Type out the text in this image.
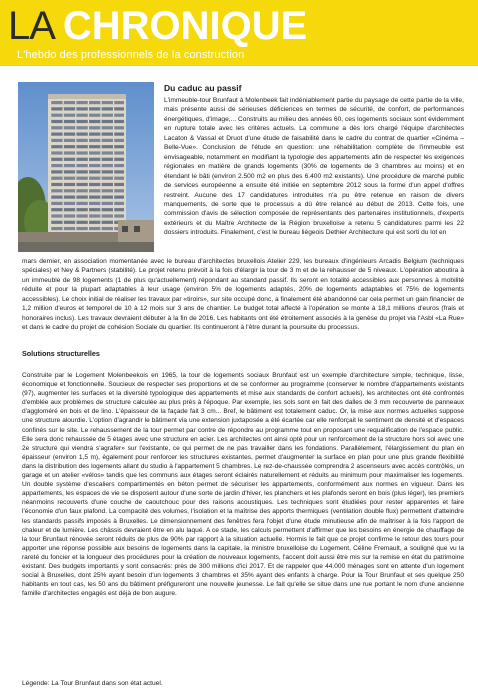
LA CHRONIQUE
L'hebdo des professionnels de la construction
Du caduc au passif

L'immeuble-tour Brunfaut à Molenbeek fait indéniablement partie du paysage de cette partie de la ville, mais présente aussi de sérieuses déficiences en termes de sécurité, de confort, de performances énergétiques, d'image,... Construits au milieu des années 60, ces logements sociaux sont évidemment en rupture totale avec les critères actuels. La commune a dès lors chargé l'équipe d'architectes Lacaton & Vassal et Druot d'une étude de faisabilité dans le cadre du contrat de quartier «Cinéma – Belle-Vue». Conclusion de l'étude en question: une réhabilitation complète de l'immeuble est envisageable, notamment en modifiant la typologie des appartements afin de respecter les exigences régionales en matière de grands logements (30% de logements de 3 chambres au moins) et en étendant le bâti (environ 2.500 m2 en plus des 6.400 m2 existants). Une procédure de marché public de services européenne a ensuite été initiée en septembre 2012 sous la forme d'un appel d'offres restreint. Aucune des 17 candidatures introduites n'a pu être retenue en raison de divers manquements, de sorte que le processus a dû être relancé au début de 2013. Cette fois, une commission d'avis de sélection composée de représentants des partenaires institutionnels, d'experts extérieurs et du Maître Architecte de la Région bruxelloise a retenu 5 candidatures parmi les 22 dossiers introduits. Finalement, c'est le bureau liégeois Dethier Architecture qui est sorti du lot en

mars dernier, en association momentanée avec le bureau d'architectes bruxellois Atelier 229, les bureaux d'ingénieurs Arcadis Belgium (techniques spéciales) et Ney & Partners (stabilité). Le projet retenu prévoit à la fois d'élargir la tour de 3 m et de la rehausser de 5 niveaux. L'opération aboutira à un immeuble de 98 logements (1 de plus qu'actuellement) répondant au standard passif. Ils seront en totalité accessibles aux personnes à mobilité réduite et pour la plupart adaptables à leur usage (environ 5% de logements adaptés, 20% de logements adaptables et 75% de logements accessibles). Le choix initial de réaliser les travaux par «tiroirs», sur site occupé donc, a finalement été abandonné car cela permet un gain financier de 1,2 million d'euros et temporel de 10 à 12 mois sur 3 ans de chantier. Le budget total affecté à l'opération se monte à 18,1 millions d'euros (frais et honoraires inclus). Les travaux devraient débuter à la fin de 2016. Les habitants ont été étroitement associés à la genèse du projet via l'Asbl «La Rue» et dans le cadre du projet de cohésion Sociale du quartier. Ils continueront à l'être durant la poursuite du processus.

Solutions structurelles

Construite par le Logement Molenbeekois en 1965, la tour de logements sociaux Brunfaut est un exemple d'architecture simple, technique, lisse, économique et fonctionnelle. Soucieux de respecter ses proportions et de se conformer au programme (conserver le nombre d'appartements existants (97), augmenter les surfaces et la diversité typologique des appartements et mise aux standards de confort actuels), les architectes ont été confrontés d'emblée aux problèmes de structure calculée au plus près à l'époque. Par exemple, les sols sont en fait des dalles de 3 mm recouverte de panneaux d'aggloméré en bois et de lino. L'épaisseur de la façade fait 3 cm... Bref, le bâtiment est totalement caduc. Or, la mise aux normes actuelles suppose une structure alourdie. L'option d'agrandir le bâtiment via une extension juxtaposée a été écartée car elle renforçait le sentiment de densité et d'espaces confinés sur le site. Le rehaussement de la tour permet par contre de répondre au programme tout en proposant une requalification de l'espace public. Elle sera donc rehaussée de 5 étages avec une structure en acier. Les architectes ont ainsi opté pour un renforcement de la structure hors sol avec une 2e structure qui viendra s'agrafer» sur l'existante, ce qui permet de ne pas travailler dans les fondations. Parallèlement, l'élargissement du plan en épaisseur (environ 1,5 m), également pour renforcer les structures existantes, permet d'augmenter la surface en plan pour une plus grande flexibilité dans la distribution des logements allant du studio à l'appartement 5 chambres. Le rez-de-chaussée comprendra 2 ascenseurs avec accès contrôlés, un garage et un atelier «vélos» tandis que les communs aux étages seront éclairés naturellement et réduits au minimum pour maximaliser les logements. Un double système d'escaliers compartimentés en béton permet de sécuriser les appartements, conformément aux normes en vigueur. Dans les appartements, les espaces de vie se disposent autour d'une sorte de jardin d'hiver, les planchers et les plafonds seront en bois (plus léger), les premiers néanmoins recouverts d'une couche de caoutchouc pour des raisons acoustiques. Les techniques sont étudiées pour rester apparentes et faire l'économie d'un faux plafond. La compacité des volumes, l'isolation et la maîtrise des apports thermiques (ventilation double flux) permettent d'atteindre les standards passifs imposés à Bruxelles. Le dimensionnement des fenêtres fera l'objet d'une étude minutieuse afin de maîtriser à la fois l'apport de chaleur et de lumière. Les châssis devraient être en alu laqué. A ce stade, les calculs permettent d'affirmer que les besoins en énergie de chauffage de la tour Brunfaut rénovée seront réduits de plus de 90% par rapport à la situation actuelle. Hormis le fait que ce projet confirme le retour des tours pour apporter une réponse possible aux besoins de logements dans la capitale, la ministre bruxelloise du Logement, Céline Fremault, a souligné que vu la rareté du foncier et la longueur des procédures pour la création de nouveaux logements, l'accent doit aussi être mis sur la remise en état du patrimoine existant. Des budgets importants y sont consacrés: près de 300 millions d'ici 2017. Et de rappeler que 44.000 ménages sont en attente d'un logement social à Bruxelles, dont 25% ayant besoin d'un logements 3 chambres et 35% ayant des enfants à charge. Pour la Tour Brunfaut et ses quelque 250 habitants en tout cas, les 50 ans du bâtiment préfigureront une nouvelle jeunesse. Le fait qu'elle se situe dans une rue portant le nom d'une ancienne famille d'architectes engagés est déjà de bon augure.

Légende: La Tour Brunfaut dans son état actuel.
